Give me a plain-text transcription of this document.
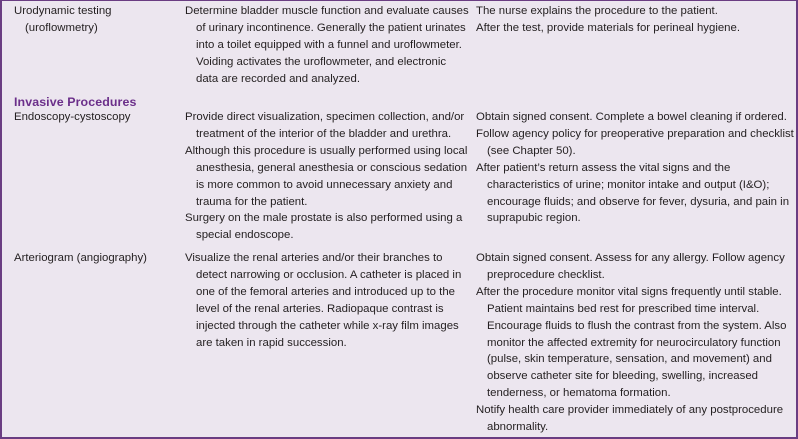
Urodynamic testing (uroflowmetry)

Determine bladder muscle function and evaluate causes of urinary incontinence. Generally the patient urinates into a toilet equipped with a funnel and uroflowmeter. Voiding activates the uroflowmeter, and electronic data are recorded and analyzed.

The nurse explains the procedure to the patient.

After the test, provide materials for perineal hygiene.

Invasive Procedures

Endoscopy-cystoscopy	Provide direct visualization, specimen collection, and/or treatment of the interior of the bladder and urethra.

Although this procedure is usually performed using local anesthesia, general anesthesia or conscious sedation is more common to avoid unnecessary anxiety and trauma for the patient.

Surgery on the male prostate is also performed using a special endoscope.

Obtain signed consent. Complete a bowel cleaning if ordered.

Follow agency policy for preoperative preparation and checklist (see Chapter 50).

After patient’s return assess the vital signs and the characteristics of urine; monitor intake and output (I&O); encourage fluids; and observe for fever, dysuria, and pain in suprapubic region.

Arteriogram (angiography)	Visualize the renal arteries and/or their branches to detect narrowing or occlusion. A catheter is placed in one of the femoral arteries and introduced up to the level of the renal arteries. Radiopaque contrast is injected through the catheter while x-ray film images are taken in rapid succession.

Obtain signed consent. Assess for any allergy. Follow agency preprocedure checklist.

After the procedure monitor vital signs frequently until stable. Patient maintains bed rest for prescribed time interval. Encourage fluids to flush the contrast from the system. Also monitor the affected extremity for neurocirculatory function (pulse, skin temperature, sensation, and movement) and observe catheter site for bleeding, swelling, increased tenderness, or hematoma formation.

Notify health care provider immediately of any postprocedure abnormality.
